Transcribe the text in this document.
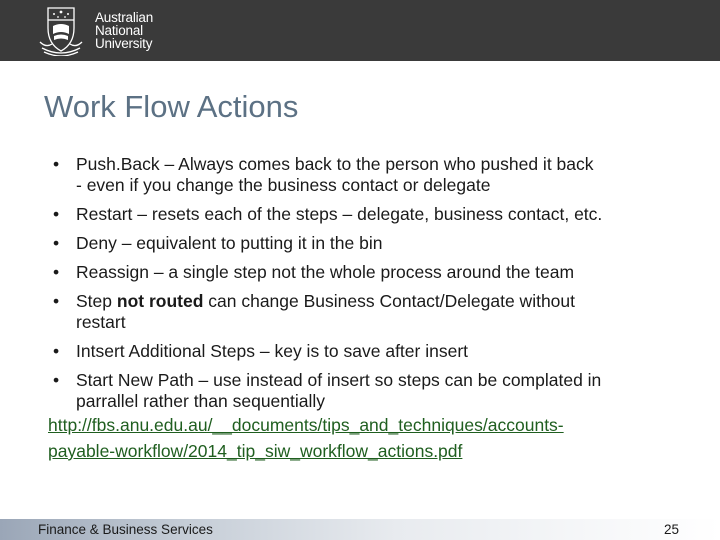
Australian
National
University
Work Flow Actions
• Push.Back – Always comes back to the person who pushed it back
- even if you change the business contact or delegate
• Restart – resets each of the steps – delegate, business contact, etc.
• Deny – equivalent to putting it in the bin
• Reassign – a single step not the whole process around the team
• Step not routed can change Business Contact/Delegate without
restart
• Intsert Additional Steps – key is to save after insert
• Start New Path – use instead of insert so steps can be complated in
parrallel rather than sequentially
http://fbs.anu.edu.au/__documents/tips_and_techniques/accounts-
payable-workflow/2014_tip_siw_workflow_actions.pdf
Finance & Business Services	25
